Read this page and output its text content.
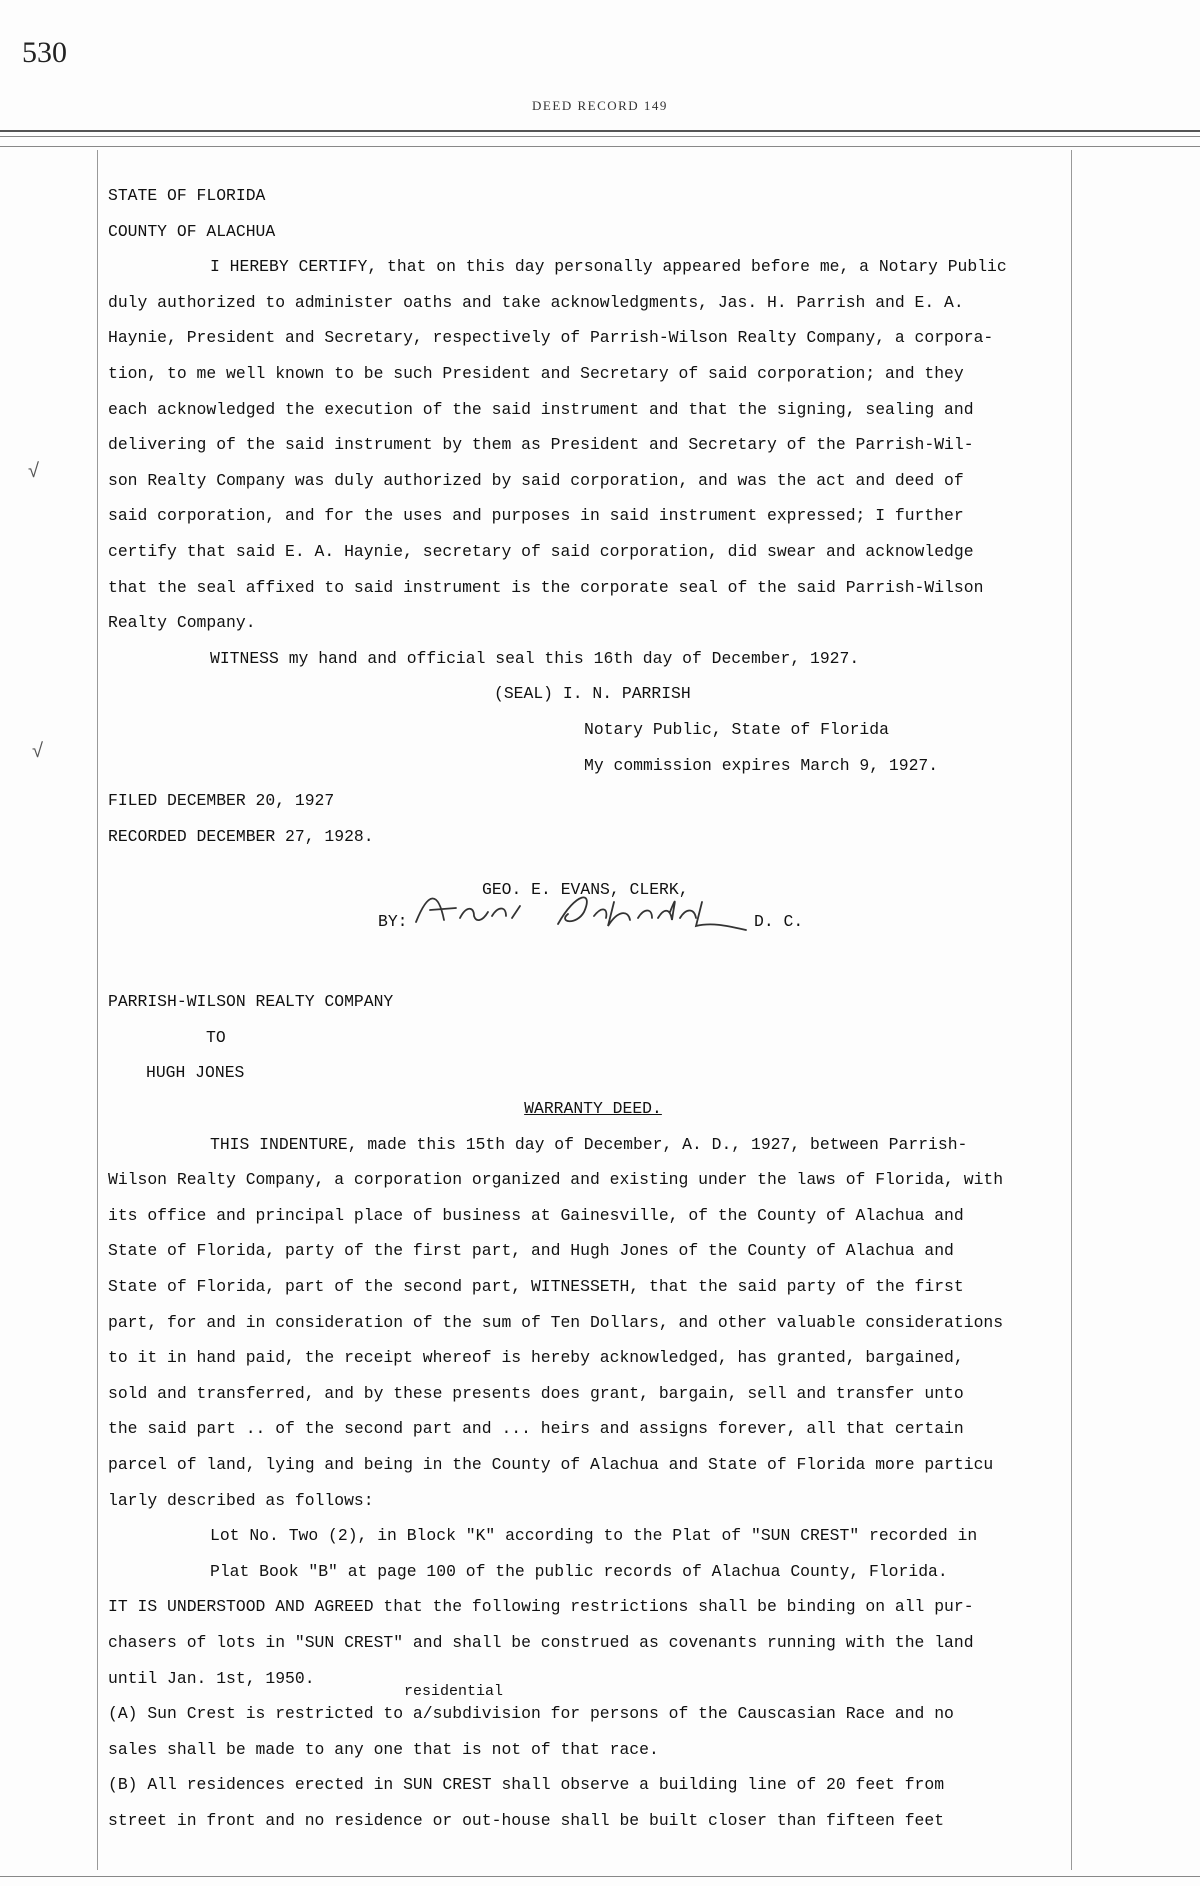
530
DEED RECORD 149
√
√
STATE OF FLORIDA
COUNTY OF ALACHUA
I HEREBY CERTIFY, that on this day personally appeared before me, a Notary Public
duly authorized to administer oaths and take acknowledgments, Jas. H. Parrish and E. A.
Haynie, President and Secretary, respectively of Parrish-Wilson Realty Company, a corpora-
tion, to me well known to be such President and Secretary of said corporation; and they
each acknowledged the execution of the said instrument and that the signing, sealing and
delivering of the said instrument by them as President and Secretary of the Parrish-Wil-
son Realty Company was duly authorized by said corporation, and was the act and deed of
said corporation, and for the uses and purposes in said instrument expressed; I further
certify that said E. A. Haynie, secretary of said corporation, did swear and acknowledge
that the seal affixed to said instrument is the corporate seal of the said Parrish-Wilson
Realty Company.
WITNESS my hand and official seal this 16th day of December, 1927.
(SEAL) I. N. PARRISH
Notary Public, State of Florida
My commission expires March 9, 1927.
FILED DECEMBER 20, 1927
RECORDED DECEMBER 27, 1928.
GEO. E. EVANS, CLERK,
BY:	D. C.
PARRISH-WILSON REALTY COMPANY
TO
HUGH JONES
WARRANTY DEED.
THIS INDENTURE, made this 15th day of December, A. D., 1927, between Parrish-
Wilson Realty Company, a corporation organized and existing under the laws of Florida, with
its office and principal place of business at Gainesville, of the County of Alachua and
State of Florida, party of the first part, and Hugh Jones of the County of Alachua and
State of Florida, part of the second part, WITNESSETH, that the said party of the first
part, for and in consideration of the sum of Ten Dollars, and other valuable considerations
to it in hand paid, the receipt whereof is hereby acknowledged, has granted, bargained,
sold and transferred, and by these presents does grant, bargain, sell and transfer unto
the said part .. of the second part and ... heirs and assigns forever, all that certain
parcel of land, lying and being in the County of Alachua and State of Florida more particu
larly described as follows:
Lot No. Two (2), in Block "K" according to the Plat of "SUN CREST" recorded in
Plat Book "B" at page 100 of the public records of Alachua County, Florida.
IT IS UNDERSTOOD AND AGREED that the following restrictions shall be binding on all pur-
chasers of lots in "SUN CREST" and shall be construed as covenants running with the land
until Jan. 1st, 1950.
residential
(A) Sun Crest is restricted to a/subdivision for persons of the Causcasian Race and no
sales shall be made to any one that is not of that race.
(B) All residences erected in SUN CREST shall observe a building line of 20 feet from
street in front and no residence or out-house shall be built closer than fifteen feet
